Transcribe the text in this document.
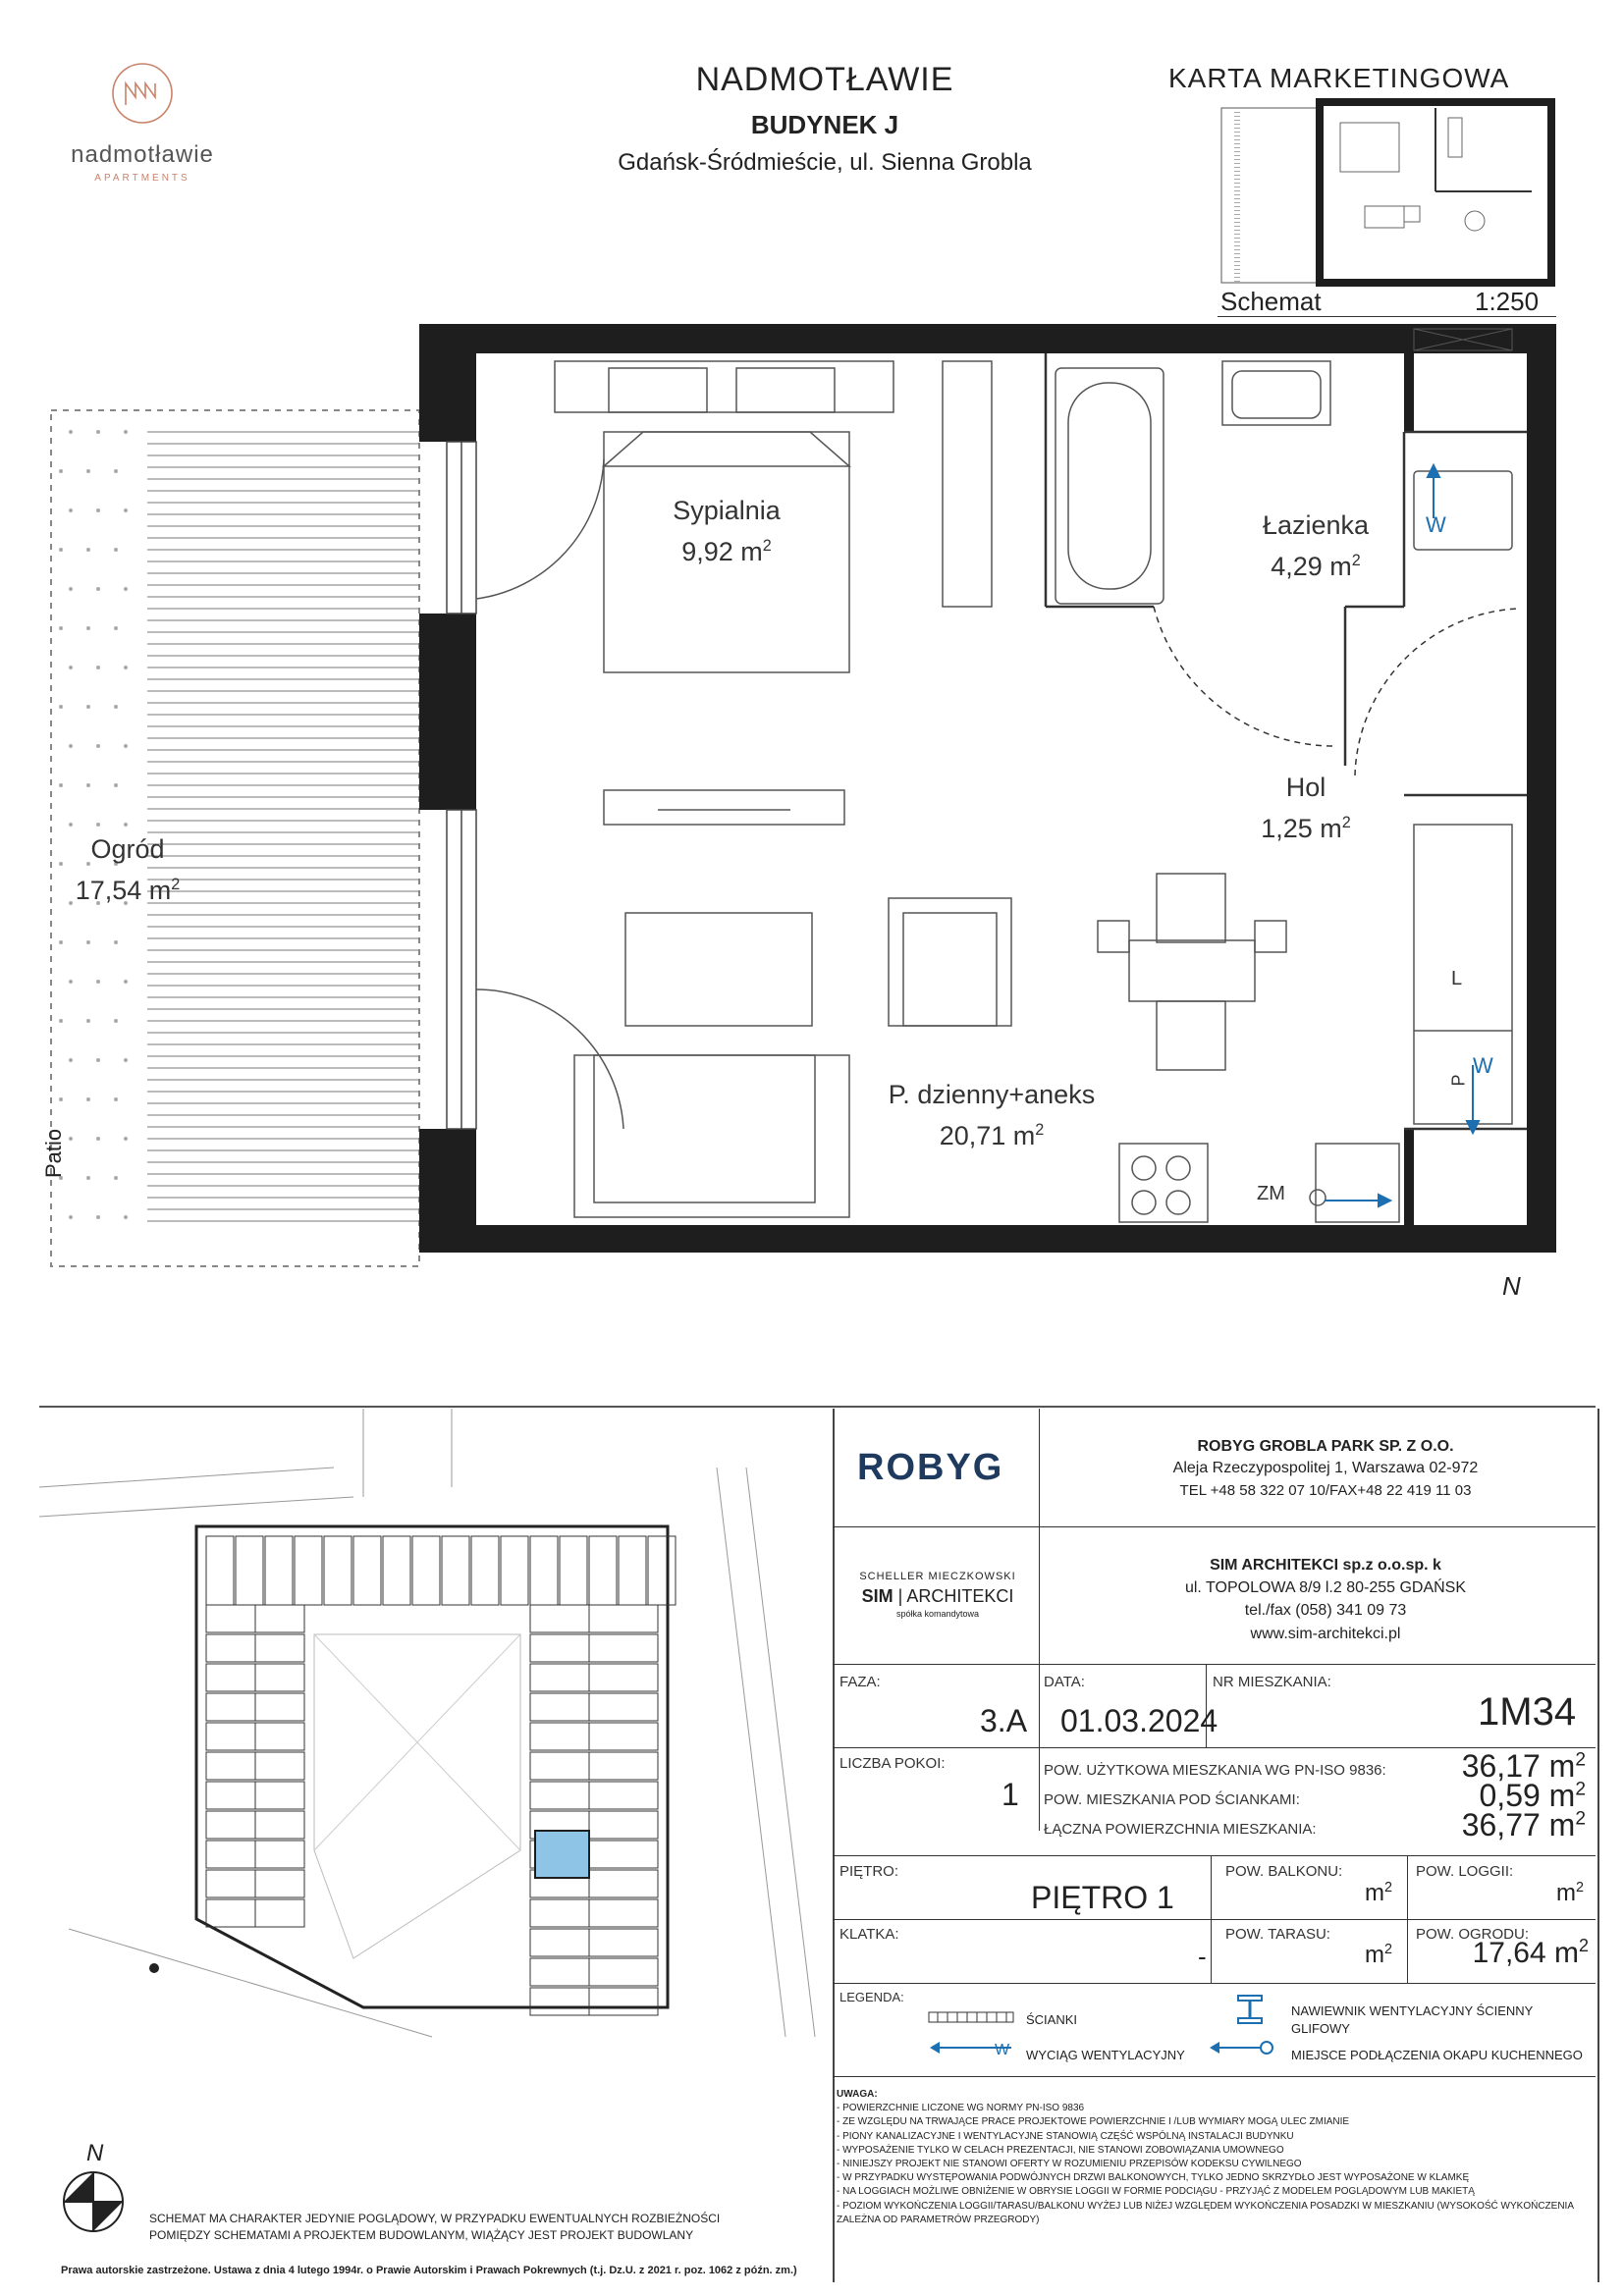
nadmotławie
APARTMENTS
NADMOTŁAWIE
BUDYNEK J
Gdańsk-Śródmieście, ul. Sienna Grobla
KARTA MARKETINGOWA
Schemat	1:250
Sypialnia
9,92 $m^2$
Łazienka
4,29 $m^2$
Hol
1,25 $m^2$
P. dzienny+aneks
20,71 $m^2$
Ogród
17,54 $m^2$
Patio
W
L
P
W
ZM
N
N
SCHEMAT MA CHARAKTER JEDYNIE POGLĄDOWY, W PRZYPADKU EWENTUALNYCH ROZBIEŻNOŚCI POMIĘDZY SCHEMATAMI A PROJEKTEM BUDOWLANYM, WIĄŻĄCY JEST PROJEKT BUDOWLANY
Prawa autorskie zastrzeżone. Ustawa z dnia 4 lutego 1994r. o Prawie Autorskim i Prawach Pokrewnych (t.j. Dz.U. z 2021 r. poz. 1062 z późn. zm.)
ROBYG
ROBYG GROBLA PARK SP. Z O.O.
Aleja Rzeczypospolitej 1, Warszawa 02-972
TEL +48 58 322 07 10/FAX+48 22 419 11 03
SCHELLER MIECZKOWSKI
SIM | ARCHITEKCI
spółka komandytowa
SIM ARCHITEKCI sp.z o.o.sp. k
ul. TOPOLOWA 8/9 l.2 80-255 GDAŃSK
tel./fax (058) 341 09 73
www.sim-architekci.pl
FAZA:
3.A
DATA:
01.03.2024
NR MIESZKANIA:
1M34
LICZBA POKOI:
1
POW. UŻYTKOWA MIESZKANIA WG PN-ISO 9836:	36,17 $m^2$
POW. MIESZKANIA POD ŚCIANKAMI:	0,59 $m^2$
ŁĄCZNA POWIERZCHNIA MIESZKANIA:	36,77 $m^2$
PIĘTRO:
PIĘTRO 1
POW. BALKONU:
$m^2$
POW. LOGGII:
$m^2$
KLATKA:
-
POW. TARASU:
$m^2$
POW. OGRODU:
17,64 $m^2$
LEGENDA:
ŚCIANKI
W WYCIĄG WENTYLACYJNY
NAWIEWNIK WENTYLACYJNY ŚCIENNY GLIFOWY
MIEJSCE PODŁĄCZENIA OKAPU KUCHENNEGO
UWAGA:
- POWIERZCHNIE LICZONE WG NORMY PN-ISO 9836
- ZE WZGLĘDU NA TRWAJĄCE PRACE PROJEKTOWE POWIERZCHNIE I /LUB WYMIARY MOGĄ ULEC ZMIANIE
- PIONY KANALIZACYJNE I WENTYLACYJNE STANOWIĄ CZĘŚĆ WSPÓLNĄ INSTALACJI BUDYNKU
- WYPOSAŻENIE TYLKO W CELACH PREZENTACJI, NIE STANOWI ZOBOWIĄZANIA UMOWNEGO
- NINIEJSZY PROJEKT NIE STANOWI OFERTY W ROZUMIENIU PRZEPISÓW KODEKSU CYWILNEGO
- W PRZYPADKU WYSTĘPOWANIA PODWÓJNYCH DRZWI BALKONOWYCH, TYLKO JEDNO SKRZYDŁO JEST WYPOSAŻONE W KLAMKĘ
- NA LOGGIACH MOŻLIWE OBNIŻENIE W OBRYSIE LOGGII W FORMIE PODCIĄGU - PRZYJĄĆ Z MODELEM POGLĄDOWYM LUB MAKIETĄ
- POZIOM WYKOŃCZENIA LOGGII/TARASU/BALKONU WYŻEJ LUB NIŻEJ WZGLĘDEM WYKOŃCZENIA POSADZKI W MIESZKANIU (WYSOKOŚĆ WYKOŃCZENIA ZALEŻNA OD PARAMETRÓW PRZEGRODY)
